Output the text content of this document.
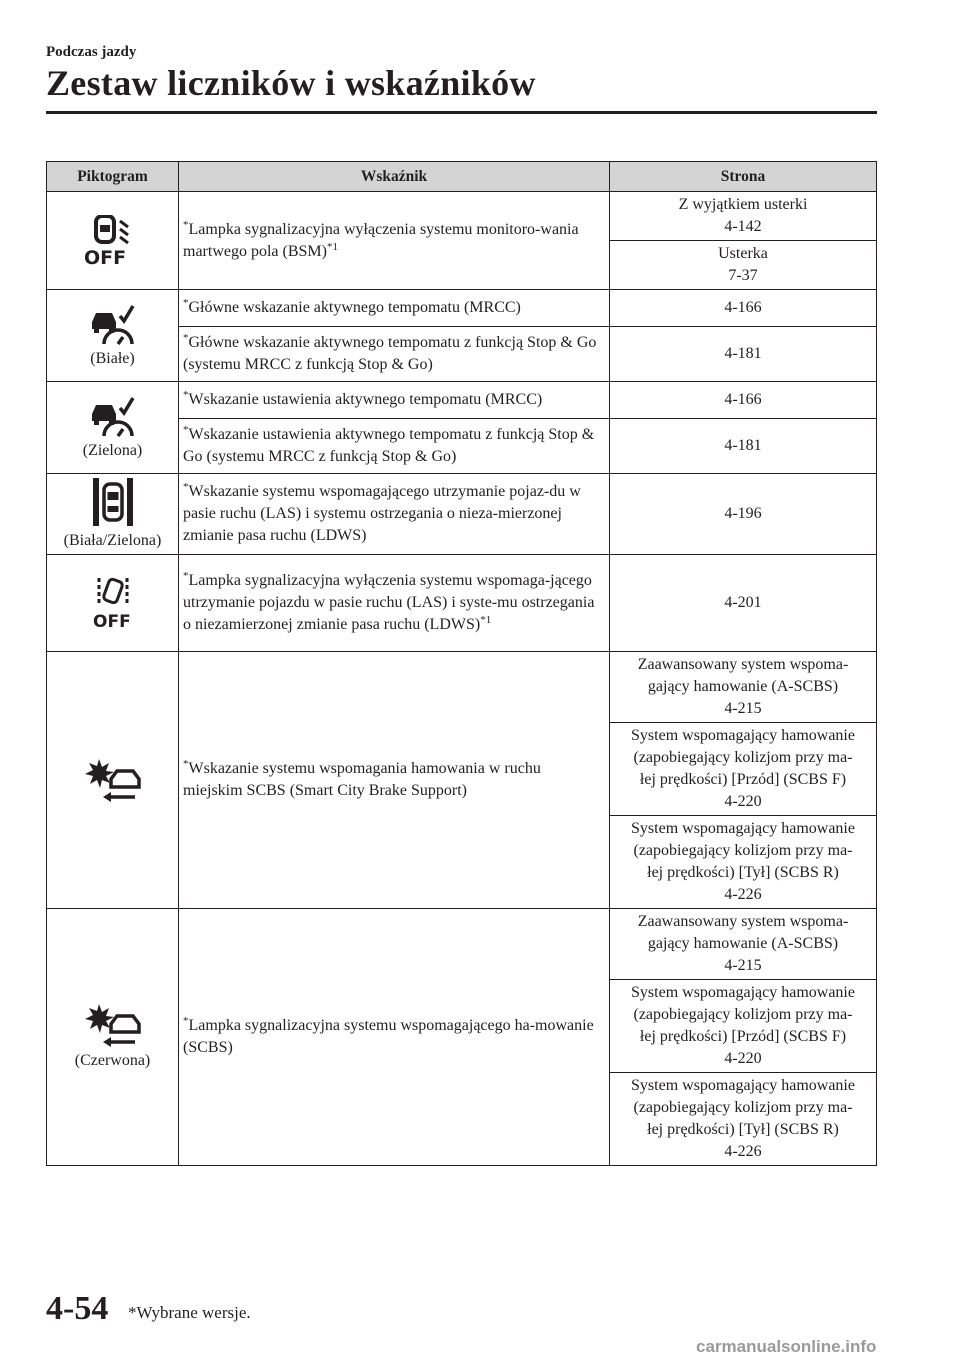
Podczas jazdy
Zestaw liczników i wskaźników
Piktogram	Wskaźnik	Strona

OFF	*Lampka sygnalizacyjna wyłączenia systemu monitoro-wania martwego pola (BSM)$^{*1}$	Z wyjątkiem usterki
4-142

		Usterka
7-37

(Białe)	*Główne wskazanie aktywnego tempomatu (MRCC)	4-166
	*Główne wskazanie aktywnego tempomatu z funkcją Stop & Go (systemu MRCC z funkcją Stop & Go)	4-181

(Zielona)	*Wskazanie ustawienia aktywnego tempomatu (MRCC)	4-166
	*Wskazanie ustawienia aktywnego tempomatu z funkcją Stop & Go (systemu MRCC z funkcją Stop & Go)	4-181

(Biała/Zielona)	*Wskazanie systemu wspomagającego utrzymanie pojaz-du w pasie ruchu (LAS) i systemu ostrzegania o nieza-mierzonej zmianie pasa ruchu (LDWS)	4-196

OFF	*Lampka sygnalizacyjna wyłączenia systemu wspomaga-jącego utrzymanie pojazdu w pasie ruchu (LAS) i syste-mu ostrzegania o niezamierzonej zmianie pasa ruchu (LDWS)$^{*1}$	4-201

	*Wskazanie systemu wspomagania hamowania w ruchu miejskim SCBS (Smart City Brake Support)	Zaawansowany system wspoma-
gający hamowanie (A-SCBS)
4-215

		System wspomagający hamowanie
(zapobiegający kolizjom przy ma-
łej prędkości) [Przód] (SCBS F)
4-220

		System wspomagający hamowanie
(zapobiegający kolizjom przy ma-
łej prędkości) [Tył] (SCBS R)
4-226

(Czerwona)	*Lampka sygnalizacyjna systemu wspomagającego ha-mowanie (SCBS)	Zaawansowany system wspoma-
gający hamowanie (A-SCBS)
4-215

		System wspomagający hamowanie
(zapobiegający kolizjom przy ma-
łej prędkości) [Przód] (SCBS F)
4-220

		System wspomagający hamowanie
(zapobiegający kolizjom przy ma-
łej prędkości) [Tył] (SCBS R)
4-226
4-54 *Wybrane wersje.
carmanualsonline.info
